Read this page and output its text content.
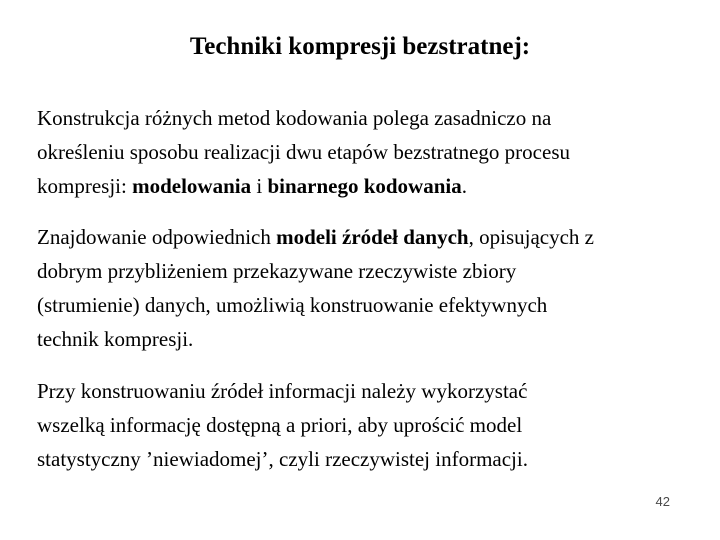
Techniki kompresji bezstratnej:
Konstrukcja różnych metod kodowania polega zasadniczo na
określeniu sposobu realizacji dwu etapów bezstratnego procesu
kompresji: modelowania i binarnego kodowania.
Znajdowanie odpowiednich modeli źródeł danych, opisujących z
dobrym przybliżeniem przekazywane rzeczywiste zbiory
(strumienie) danych, umożliwią konstruowanie efektywnych
technik kompresji.
Przy konstruowaniu źródeł informacji należy wykorzystać
wszelką informację dostępną a priori, aby uprościć model
statystyczny ’niewiadomej’, czyli rzeczywistej informacji.
42
